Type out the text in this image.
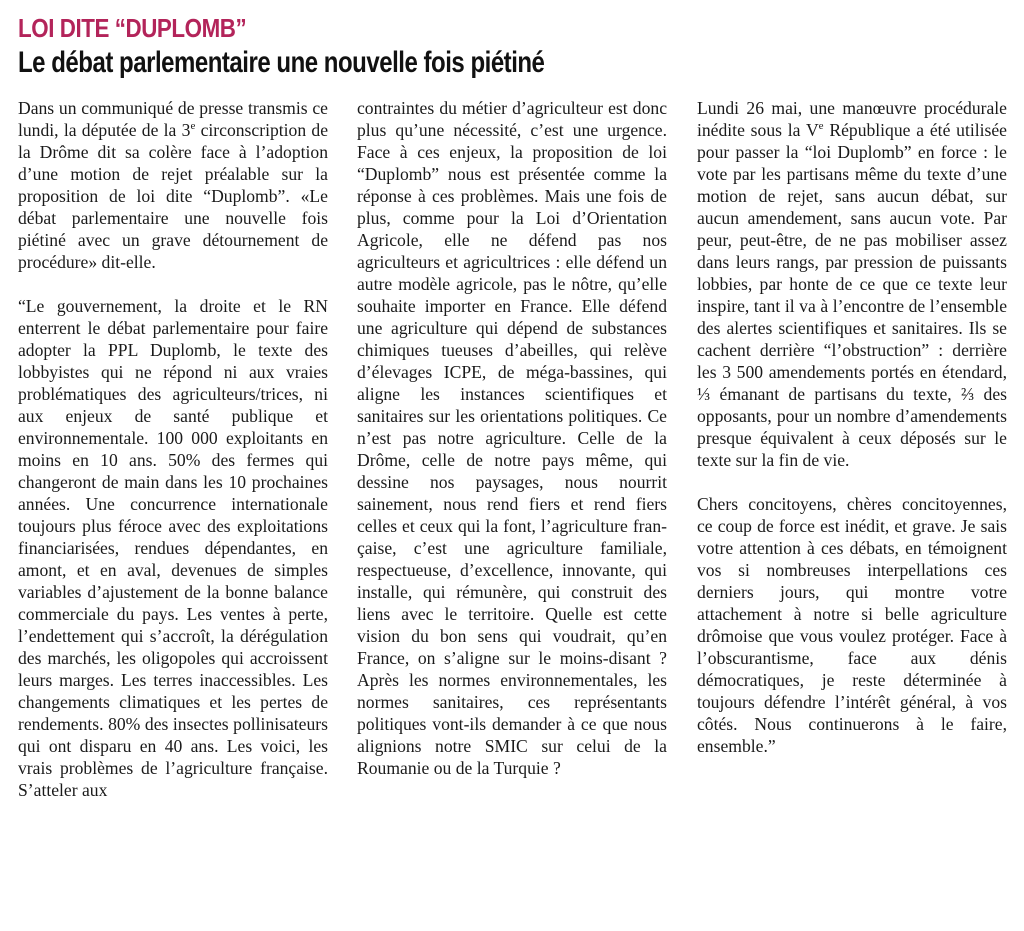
LOI DITE “DUPLOMB”
Le débat parlementaire une nouvelle fois piétiné

Dans un communiqué de presse transmis ce lundi, la députée de la 3e circonscription de la Drôme dit sa colère face à l’adoption d’une motion de rejet préalable sur la proposition de loi dite “Duplomb”. «Le débat parlementaire une nouvelle fois piétiné avec un grave détournement de procédure» dit-elle.

“Le gouvernement, la droite et le RN enterrent le débat parlementaire pour faire adopter la PPL Duplomb, le texte des lobbyistes qui ne répond ni aux vraies problématiques des agriculteurs/trices, ni aux enjeux de santé publique et environnementale. 100 000 exploitants en moins en 10 ans. 50% des fermes qui changeront de main dans les 10 prochaines années. Une concurrence internationale toujours plus féroce avec des exploitations financiarisées, rendues dépendantes, en amont, et en aval, devenues de simples variables d’ajustement de la bonne balance commerciale du pays. Les ventes à perte, l’endettement qui s’accroît, la dérégulation des marchés, les oligopoles qui accroissent leurs marges. Les terres inaccessibles. Les changements climatiques et les pertes de rendements. 80% des insectes pollinisateurs qui ont disparu en 40 ans. Les voici, les vrais problèmes de l’agriculture française. S’atteler aux

contraintes du métier d’agriculteur est donc plus qu’une nécessité, c’est une urgence. Face à ces enjeux, la proposition de loi “Duplomb” nous est présentée comme la réponse à ces problèmes. Mais une fois de plus, comme pour la Loi d’Orientation Agricole, elle ne défend pas nos agriculteurs et agricultrices : elle défend un autre modèle agricole, pas le nôtre, qu’elle souhaite importer en France. Elle défend une agriculture qui dépend de substances chimiques tueuses d’abeilles, qui relève d’élevages ICPE, de méga-bassines, qui aligne les instances scientifiques et sanitaires sur les orientations politiques. Ce n’est pas notre agriculture. Celle de la Drôme, celle de notre pays même, qui dessine nos paysages, nous nourrit sainement, nous rend fiers et rend fiers celles et ceux qui la font, l’agriculture française, c’est une agriculture familiale, respectueuse, d’excellence, innovante, qui installe, qui rémunère, qui construit des liens avec le territoire. Quelle est cette vision du bon sens qui voudrait, qu’en France, on s’aligne sur le moins-disant ? Après les normes environnementales, les normes sanitaires, ces représentants politiques vont-ils demander à ce que nous alignions notre SMIC sur celui de la Roumanie ou de la Turquie ?

Lundi 26 mai, une manœuvre procédurale inédite sous la Ve République a été utilisée pour passer la “loi Duplomb” en force : le vote par les partisans même du texte d’une motion de rejet, sans aucun débat, sur aucun amendement, sans aucun vote. Par peur, peut-être, de ne pas mobiliser assez dans leurs rangs, par pression de puissants lobbies, par honte de ce que ce texte leur inspire, tant il va à l’encontre de l’ensemble des alertes scientifiques et sanitaires. Ils se cachent derrière “l’obstruction” : derrière les 3 500 amendements portés en étendard, ⅓ émanant de partisans du texte, ⅔ des opposants, pour un nombre d’amendements presque équivalent à ceux déposés sur le texte sur la fin de vie.

Chers concitoyens, chères concitoyennes, ce coup de force est inédit, et grave. Je sais votre attention à ces débats, en témoignent vos si nombreuses interpellations ces derniers jours, qui montre votre attachement à notre si belle agriculture drômoise que vous voulez protéger. Face à l’obscurantisme, face aux dénis démocratiques, je reste déterminée à toujours défendre l’intérêt général, à vos côtés. Nous continuerons à le faire, ensemble.”
